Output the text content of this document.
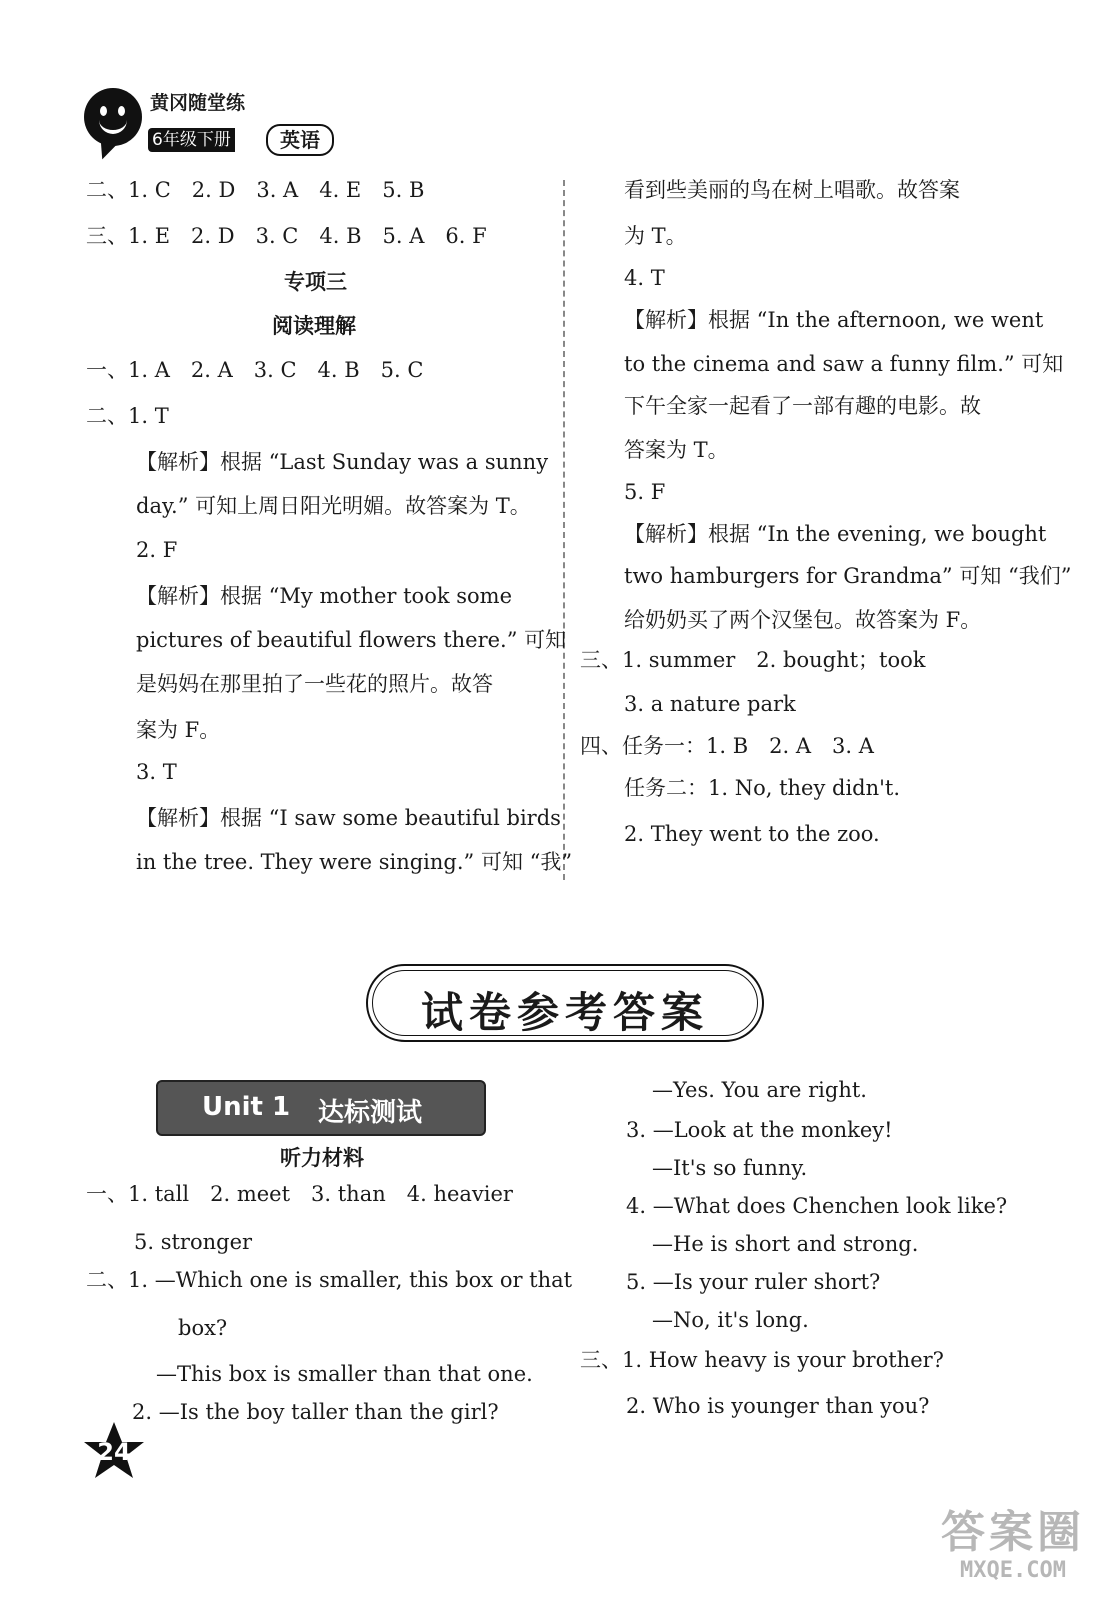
黄冈随堂练
6年级下册	英语
二、1. C　2. D　3. A　4. E　5. B
三、1. E　2. D　3. C　4. B　5. A　6. F
专项三
阅读理解
一、1. A　2. A　3. C　4. B　5. C
二、1. T
【解析】根据 “Last Sunday was a sunny
day.” 可知上周日阳光明媚。故答案为 T。
2. F
【解析】根据 “My mother took some
pictures of beautiful flowers there.” 可知
是妈妈在那里拍了一些花的照片。故答
案为 F。
3. T
【解析】根据 “I saw some beautiful birds
in the tree. They were singing.” 可知 “我”
看到些美丽的鸟在树上唱歌。故答案
为 T。
4. T
【解析】根据 “In the afternoon, we went
to the cinema and saw a funny film.” 可知
下午全家一起看了一部有趣的电影。故
答案为 T。
5. F
【解析】根据 “In the evening, we bought
two hamburgers for Grandma” 可知 “我们”
给奶奶买了两个汉堡包。故答案为 F。
三、1. summer　2. bought；took
3. a nature park
四、任务一：1. B　2. A　3. A
任务二：1. No, they didn't.
2. They went to the zoo.
试卷参考答案
Unit 1 达标测试
听力材料
一、1. tall　2. meet　3. than　4. heavier
5. stronger
二、1. —Which one is smaller, this box or that
box?
—This box is smaller than that one.
2. —Is the boy taller than the girl?
—Yes. You are right.
3. —Look at the monkey!
—It's so funny.
4. —What does Chenchen look like?
—He is short and strong.
5. —Is your ruler short?
—No, it's long.
三、1. How heavy is your brother?
2. Who is younger than you?
24
答案圈
MXQE.COM
